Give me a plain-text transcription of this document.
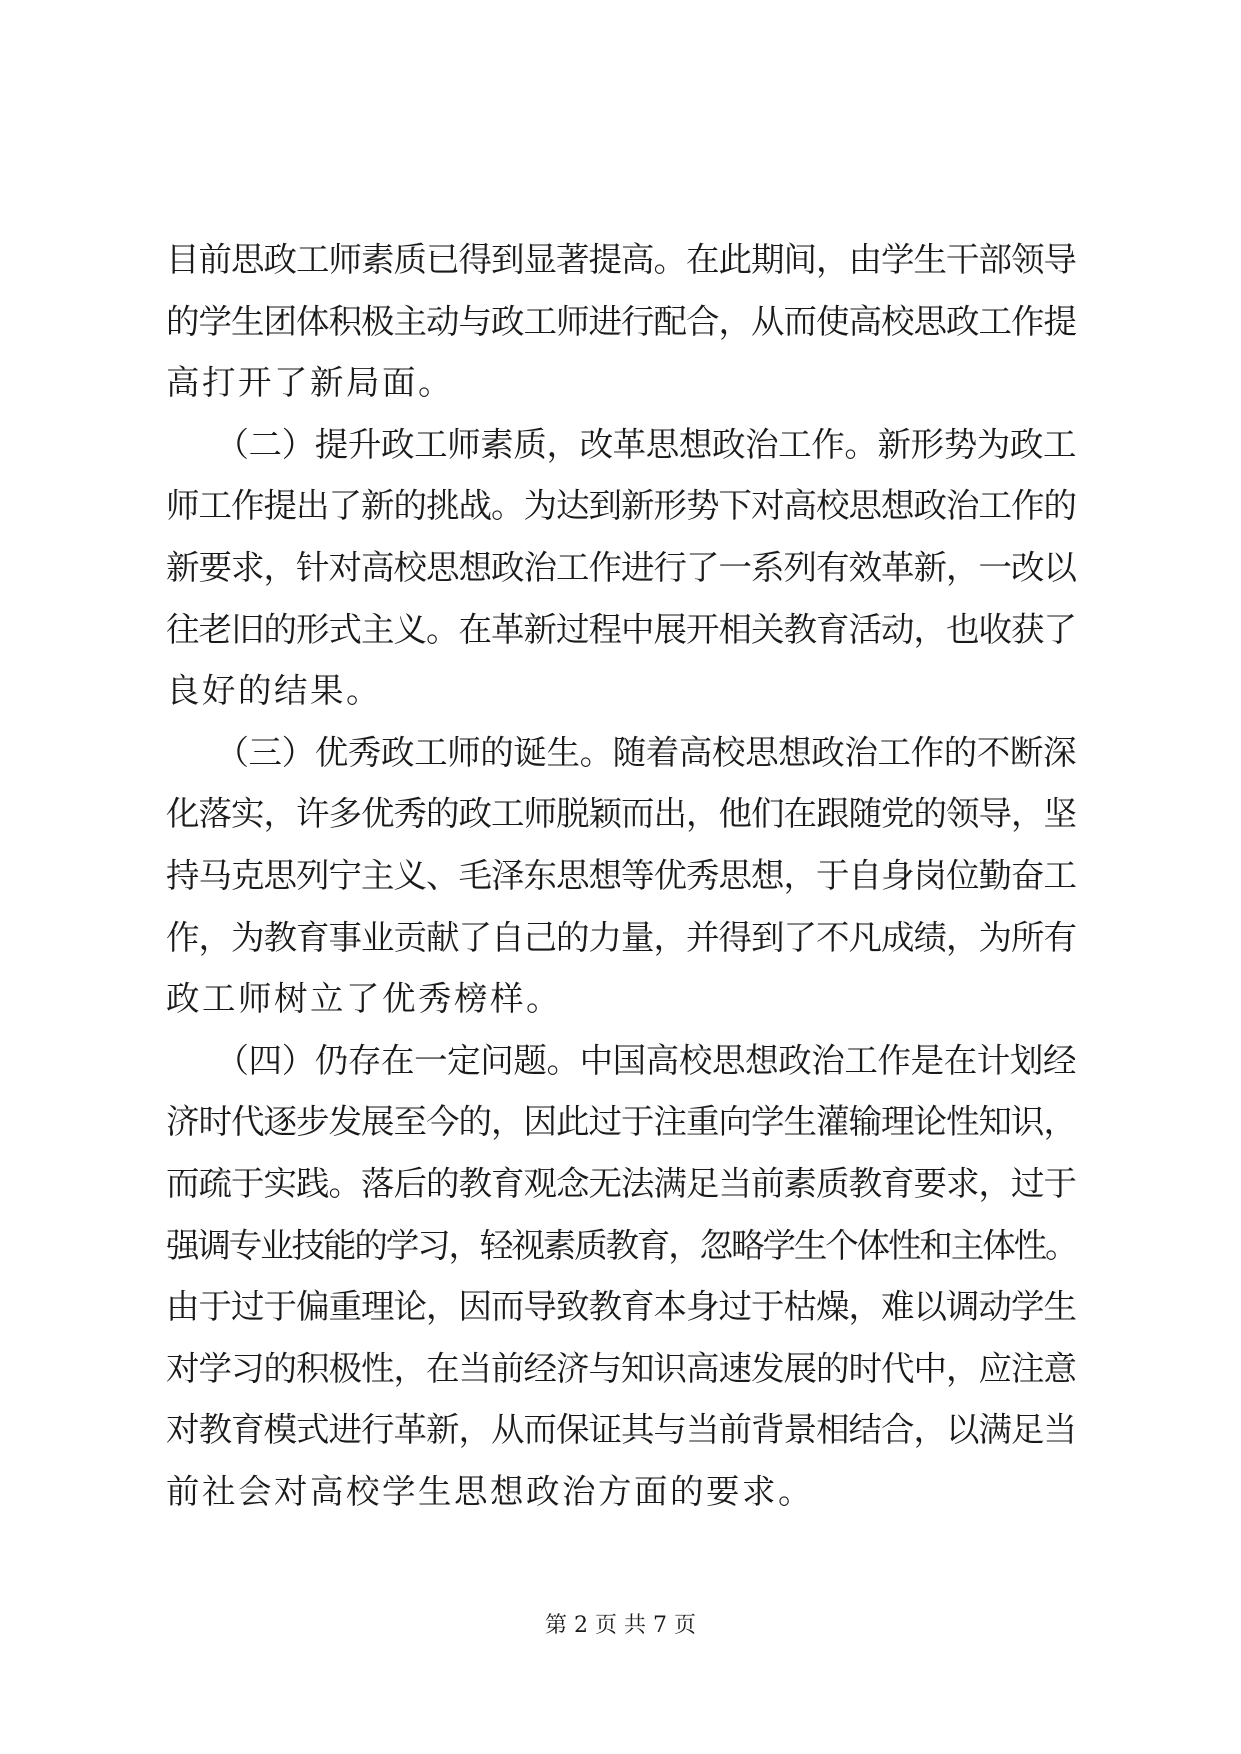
目前思政工师素质已得到显著提高。在此期间，由学生干部领导
的学生团体积极主动与政工师进行配合，从而使高校思政工作提
高打开了新局面。
　　（二）提升政工师素质，改革思想政治工作。新形势为政工
师工作提出了新的挑战。为达到新形势下对高校思想政治工作的
新要求，针对高校思想政治工作进行了一系列有效革新，一改以
往老旧的形式主义。在革新过程中展开相关教育活动，也收获了
良好的结果。
　　（三）优秀政工师的诞生。随着高校思想政治工作的不断深
化落实，许多优秀的政工师脱颖而出，他们在跟随党的领导，坚
持马克思列宁主义、毛泽东思想等优秀思想，于自身岗位勤奋工
作，为教育事业贡献了自己的力量，并得到了不凡成绩，为所有
政工师树立了优秀榜样。
　　（四）仍存在一定问题。中国高校思想政治工作是在计划经
济时代逐步发展至今的，因此过于注重向学生灌输理论性知识，
而疏于实践。落后的教育观念无法满足当前素质教育要求，过于
强调专业技能的学习，轻视素质教育，忽略学生个体性和主体性。
由于过于偏重理论，因而导致教育本身过于枯燥，难以调动学生
对学习的积极性，在当前经济与知识高速发展的时代中，应注意
对教育模式进行革新，从而保证其与当前背景相结合，以满足当
前社会对高校学生思想政治方面的要求。
第 2 页 共 7 页
